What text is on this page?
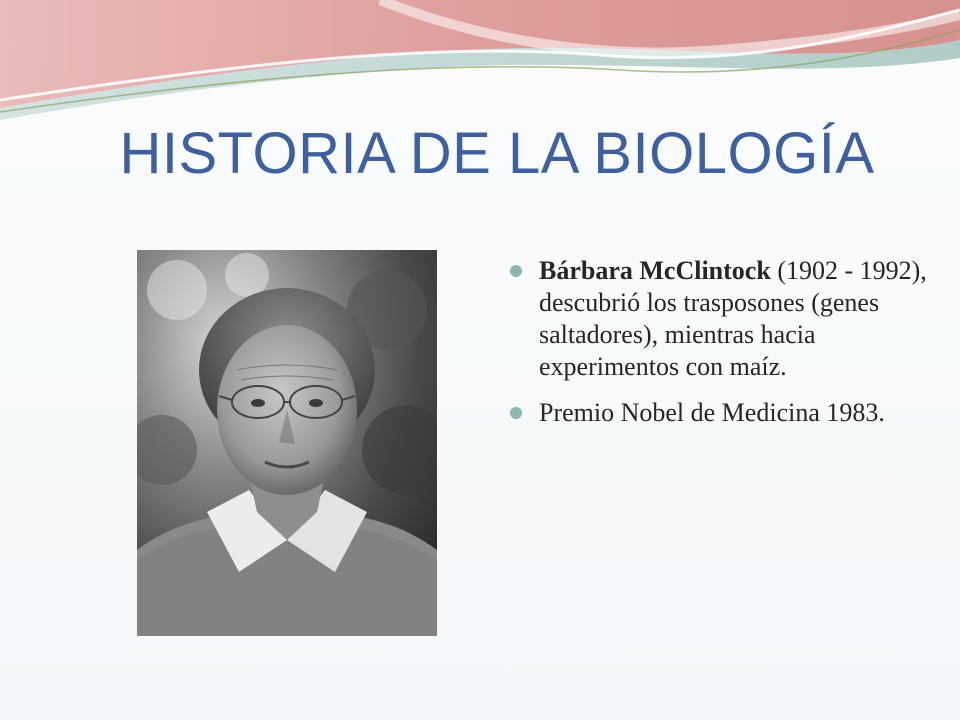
HISTORIA DE LA BIOLOGÍA
Bárbara McClintock (1902 - 1992), descubrió los trasposones (genes saltadores), mientras hacia experimentos con maíz.
Premio Nobel de Medicina 1983.
